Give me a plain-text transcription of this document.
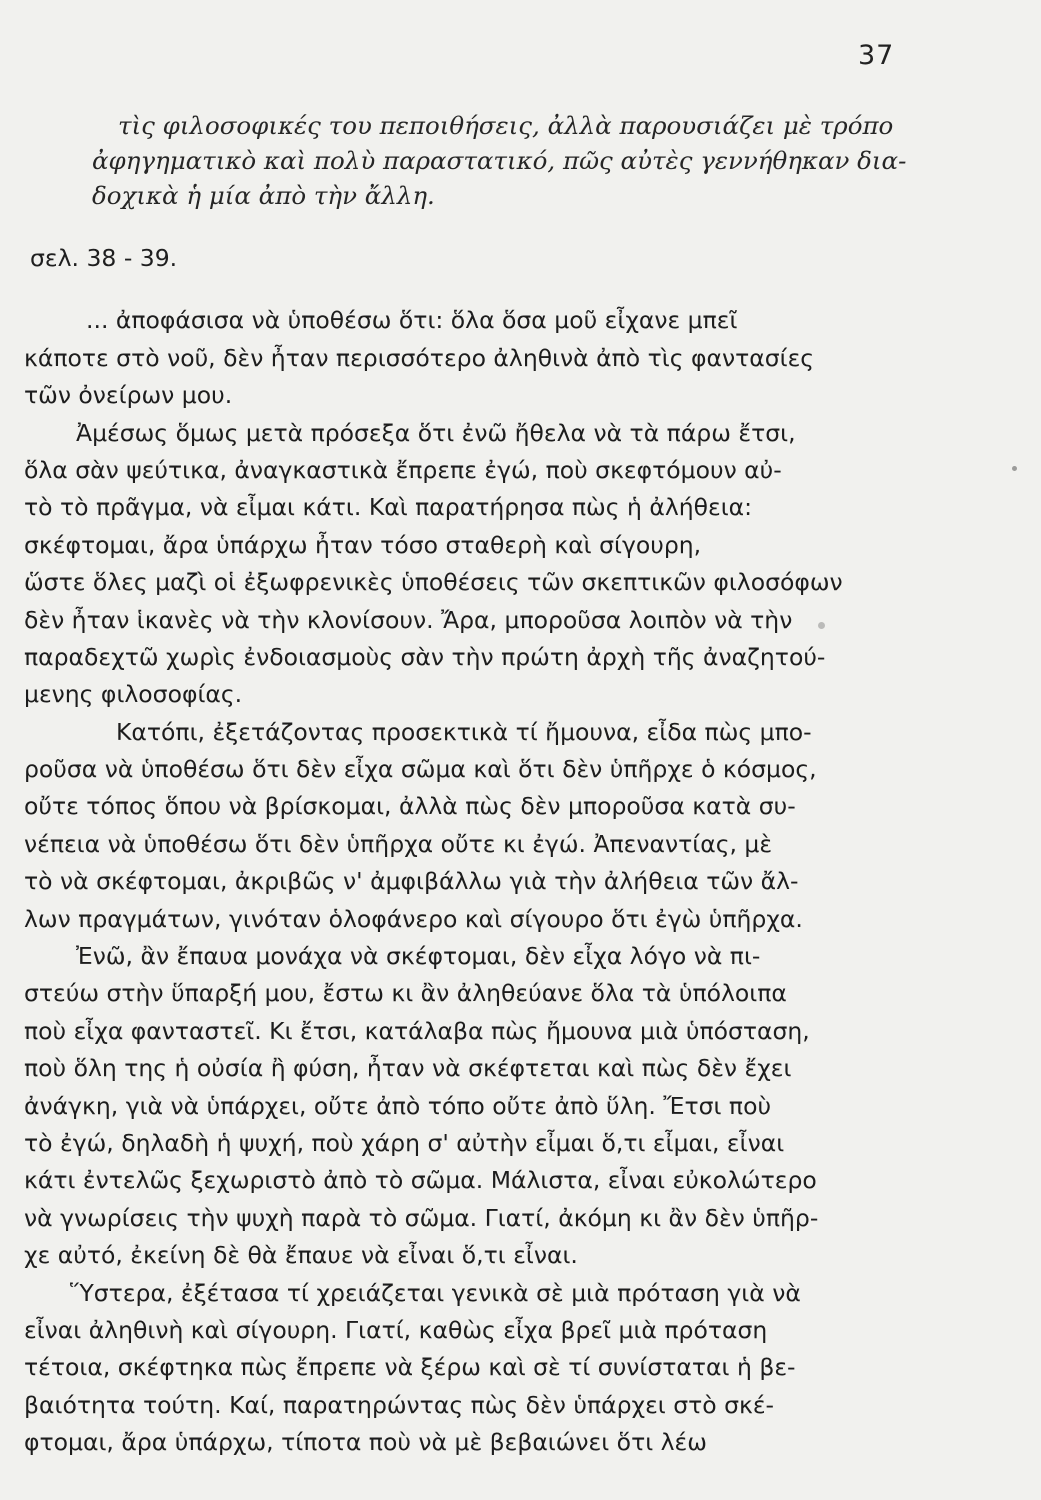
37
τὶς φιλοσοφικές του πεποιθήσεις, ἀλλὰ παρουσιάζει μὲ τρόπο
ἀφηγηματικὸ καὶ πολὺ παραστατικό, πῶς αὐτὲς γεννήθηκαν δια-
δοχικὰ ἡ μία ἀπὸ τὴν ἄλλη.
σελ. 38 - 39.
... ἀποφάσισα νὰ ὑποθέσω ὅτι: ὅλα ὅσα μοῦ εἶχανε μπεῖ
κάποτε στὸ νοῦ, δὲν ἦταν περισσότερο ἀληθινὰ ἀπὸ τὶς φαντασίες
τῶν ὀνείρων μου.
Ἀμέσως ὅμως μετὰ πρόσεξα ὅτι ἐνῶ ἤθελα νὰ τὰ πάρω ἔτσι,
ὅλα σὰν ψεύτικα, ἀναγκαστικὰ ἔπρεπε ἐγώ, ποὺ σκεφτόμουν αὐ-
τὸ τὸ πρᾶγμα, νὰ εἶμαι κάτι. Καὶ παρατήρησα πὼς ἡ ἀλήθεια:
σκέφτομαι, ἄρα ὑπάρχω ἦταν τόσο σταθερὴ καὶ σίγουρη,
ὥστε ὅλες μαζὶ οἱ ἐξωφρενικὲς ὑποθέσεις τῶν σκεπτικῶν φιλοσόφων
δὲν ἦταν ἱκανὲς νὰ τὴν κλονίσουν. Ἄρα, μποροῦσα λοιπὸν νὰ τὴν
παραδεχτῶ χωρὶς ἐνδοιασμοὺς σὰν τὴν πρώτη ἀρχὴ τῆς ἀναζητού-
μενης φιλοσοφίας.
Κατόπι, ἐξετάζοντας προσεκτικὰ τί ἤμουνα, εἶδα πὼς μπο-
ροῦσα νὰ ὑποθέσω ὅτι δὲν εἶχα σῶμα καὶ ὅτι δὲν ὑπῆρχε ὁ κόσμος,
οὔτε τόπος ὅπου νὰ βρίσκομαι, ἀλλὰ πὼς δὲν μποροῦσα κατὰ συ-
νέπεια νὰ ὑποθέσω ὅτι δὲν ὑπῆρχα οὔτε κι ἐγώ. Ἀπεναντίας, μὲ
τὸ νὰ σκέφτομαι, ἀκριβῶς ν' ἀμφιβάλλω γιὰ τὴν ἀλήθεια τῶν ἄλ-
λων πραγμάτων, γινόταν ὁλοφάνερο καὶ σίγουρο ὅτι ἐγὼ ὑπῆρχα.
Ἐνῶ, ἂν ἔπαυα μονάχα νὰ σκέφτομαι, δὲν εἶχα λόγο νὰ πι-
στεύω στὴν ὕπαρξή μου, ἔστω κι ἂν ἀληθεύανε ὅλα τὰ ὑπόλοιπα
ποὺ εἶχα φανταστεῖ. Κι ἔτσι, κατάλαβα πὼς ἤμουνα μιὰ ὑπόσταση,
ποὺ ὅλη της ἡ οὐσία ἢ φύση, ἦταν νὰ σκέφτεται καὶ πὼς δὲν ἔχει
ἀνάγκη, γιὰ νὰ ὑπάρχει, οὔτε ἀπὸ τόπο οὔτε ἀπὸ ὕλη. Ἔτσι ποὺ
τὸ ἐγώ, δηλαδὴ ἡ ψυχή, ποὺ χάρη σ' αὐτὴν εἶμαι ὅ,τι εἶμαι, εἶναι
κάτι ἐντελῶς ξεχωριστὸ ἀπὸ τὸ σῶμα. Μάλιστα, εἶναι εὐκολώτερο
νὰ γνωρίσεις τὴν ψυχὴ παρὰ τὸ σῶμα. Γιατί, ἀκόμη κι ἂν δὲν ὑπῆρ-
χε αὐτό, ἐκείνη δὲ θὰ ἔπαυε νὰ εἶναι ὅ,τι εἶναι.
Ὕστερα, ἐξέτασα τί χρειάζεται γενικὰ σὲ μιὰ πρόταση γιὰ νὰ
εἶναι ἀληθινὴ καὶ σίγουρη. Γιατί, καθὼς εἶχα βρεῖ μιὰ πρόταση
τέτοια, σκέφτηκα πὼς ἔπρεπε νὰ ξέρω καὶ σὲ τί συνίσταται ἡ βε-
βαιότητα τούτη. Καί, παρατηρώντας πὼς δὲν ὑπάρχει στὸ σκέ-
φτομαι, ἄρα ὑπάρχω, τίποτα ποὺ νὰ μὲ βεβαιώνει ὅτι λέω
